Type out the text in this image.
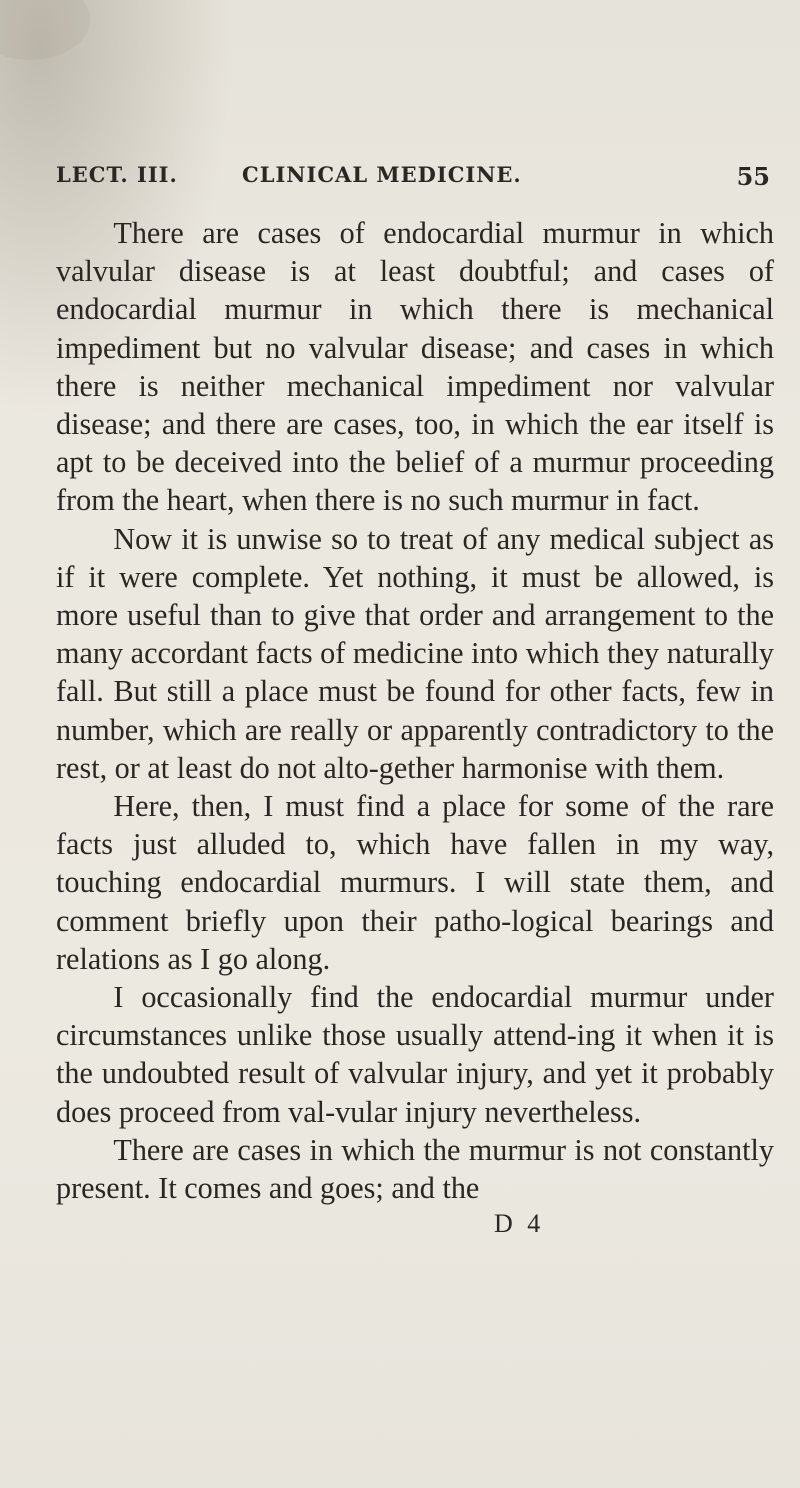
LECT. III.	CLINICAL MEDICINE.	55

There are cases of endocardial murmur in which valvular disease is at least doubtful; and cases of endocardial murmur in which there is mechanical impediment but no valvular disease; and cases in which there is neither mechanical impediment nor valvular disease; and there are cases, too, in which the ear itself is apt to be deceived into the belief of a murmur proceeding from the heart, when there is no such murmur in fact.

Now it is unwise so to treat of any medical subject as if it were complete. Yet nothing, it must be allowed, is more useful than to give that order and arrangement to the many accordant facts of medicine into which they naturally fall. But still a place must be found for other facts, few in number, which are really or apparently contradictory to the rest, or at least do not alto-gether harmonise with them.

Here, then, I must find a place for some of the rare facts just alluded to, which have fallen in my way, touching endocardial murmurs. I will state them, and comment briefly upon their patho-logical bearings and relations as I go along.

I occasionally find the endocardial murmur under circumstances unlike those usually attend-ing it when it is the undoubted result of valvular injury, and yet it probably does proceed from val-vular injury nevertheless.

There are cases in which the murmur is not constantly present. It comes and goes; and the

D 4
